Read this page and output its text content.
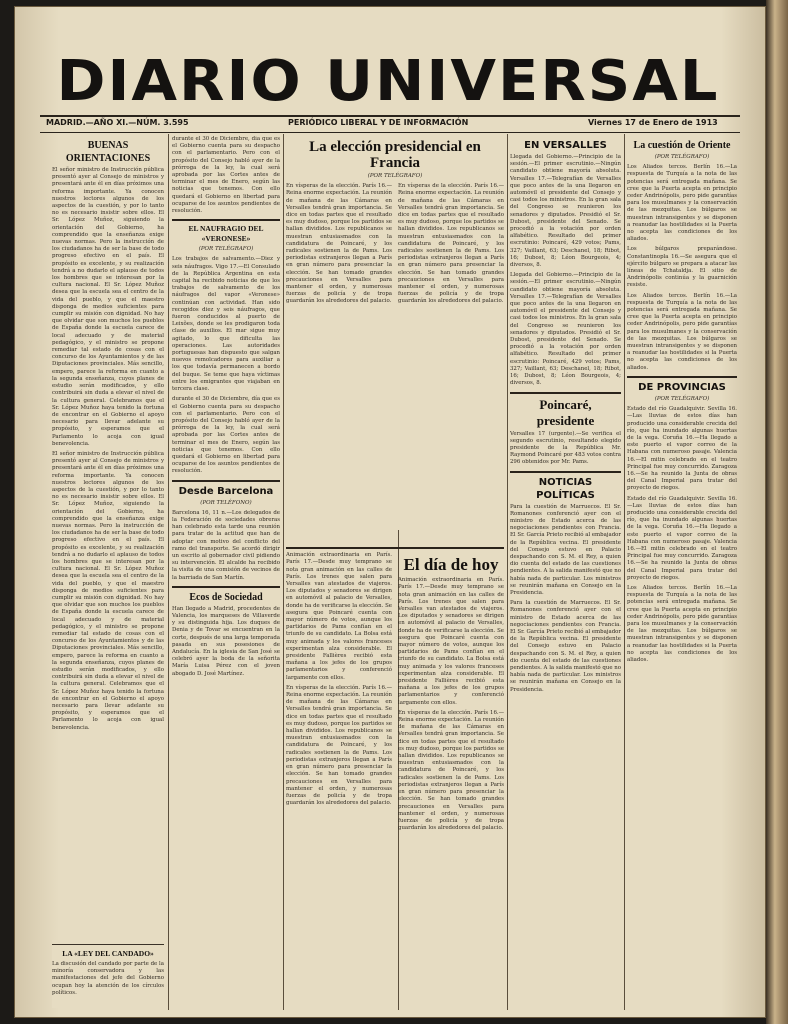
DIARIO UNIVERSAL
MADRID.—AÑO XI.—NÚM. 3.595	PERIÓDICO LIBERAL Y DE INFORMACIÓN	Viernes 17 de Enero de 1913
BUENAS ORIENTACIONES
El señor ministro de Instrucción pública presentó ayer al Consejo de ministros y presentará ante él en días próximos una reforma importante. Ya conocen nuestros lectores algunos de los aspectos de la cuestión, y por lo tanto no es necesario insistir sobre ellos. El Sr. López Muñoz, siguiendo la orientación del Gobierno, ha comprendido que la enseñanza exige nuevas normas. Pero la instrucción de los ciudadanos ha de ser la base de todo progreso efectivo en el país. El propósito es excelente, y su realización tendrá a no dudarlo el aplauso de todos los hombres que se interesan por la cultura nacional. El Sr. López Muñoz desea que la escuela sea el centro de la vida del pueblo, y que el maestro disponga de medios suficientes para cumplir su misión con dignidad. No hay que olvidar que son muchos los pueblos de España donde la escuela carece de local adecuado y de material pedagógico, y el ministro se propone remediar tal estado de cosas con el concurso de los Ayuntamientos y de las Diputaciones provinciales. Más sencillo, empero, parece la reforma en cuanto a la segunda enseñanza, cuyos planes de estudio serán modificados, y ello contribuirá sin duda a elevar el nivel de la cultura general. Celebramos que el Sr. López Muñoz haya tenido la fortuna de encontrar en el Gobierno el apoyo necesario para llevar adelante su propósito, y esperamos que el Parlamento lo acoja con igual benevolencia.
El señor ministro de Instrucción pública presentó ayer al Consejo de ministros y presentará ante él en días próximos una reforma importante. Ya conocen nuestros lectores algunos de los aspectos de la cuestión, y por lo tanto no es necesario insistir sobre ellos. El Sr. López Muñoz, siguiendo la orientación del Gobierno, ha comprendido que la enseñanza exige nuevas normas. Pero la instrucción de los ciudadanos ha de ser la base de todo progreso efectivo en el país. El propósito es excelente, y su realización tendrá a no dudarlo el aplauso de todos los hombres que se interesan por la cultura nacional. El Sr. López Muñoz desea que la escuela sea el centro de la vida del pueblo, y que el maestro disponga de medios suficientes para cumplir su misión con dignidad. No hay que olvidar que son muchos los pueblos de España donde la escuela carece de local adecuado y de material pedagógico, y el ministro se propone remediar tal estado de cosas con el concurso de los Ayuntamientos y de las Diputaciones provinciales. Más sencillo, empero, parece la reforma en cuanto a la segunda enseñanza, cuyos planes de estudio serán modificados, y ello contribuirá sin duda a elevar el nivel de la cultura general. Celebramos que el Sr. López Muñoz haya tenido la fortuna de encontrar en el Gobierno el apoyo necesario para llevar adelante su propósito, y esperamos que el Parlamento lo acoja con igual benevolencia.
LA «LEY DEL CANDADO»
La discusión del candado por parte de la minoría conservadora y las manifestaciones del jefe del Gobierno ocupan hoy la atención de los círculos políticos.
durante el 30 de Diciembre, día que es el Gobierno cuenta para su despacho con el parlamentario. Pero con el propósito del Consejo habló ayer de la prórroga de la ley, la cual será aprobada por las Cortes antes de terminar el mes de Enero, según las noticias que tenemos. Con ello quedará el Gobierno en libertad para ocuparse de los asuntos pendientes de resolución.
EL NAUFRAGIO DEL «VERONESE»
(POR TELÉGRAFO)
Los trabajos de salvamento.—Diez y seis náufragos. Vigo 17.—El Consulado de la República Argentina en esta capital ha recibido noticias de que los trabajos de salvamento de los náufragos del vapor «Veronese» continúan con actividad. Han sido recogidos diez y seis náufragos, que fueron conducidos al puerto de Leixões, donde se les prodigaron toda clase de auxilios. El mar sigue muy agitado, lo que dificulta las operaciones. Las autoridades portuguesas han dispuesto que salgan nuevos remolcadores para auxiliar a los que todavía permanecen a bordo del buque. Se teme que haya víctimas entre los emigrantes que viajaban en tercera clase.
durante el 30 de Diciembre, día que es el Gobierno cuenta para su despacho con el parlamentario. Pero con el propósito del Consejo habló ayer de la prórroga de la ley, la cual será aprobada por las Cortes antes de terminar el mes de Enero, según las noticias que tenemos. Con ello quedará el Gobierno en libertad para ocuparse de los asuntos pendientes de resolución.
Desde Barcelona
(POR TELÉFONO)
Barcelona 16, 11 n.—Los delegados de la Federación de sociedades obreras han celebrado esta tarde una reunión para tratar de la actitud que han de adoptar con motivo del conflicto del ramo del transporte. Se acordó dirigir un escrito al gobernador civil pidiendo su intervención. El alcalde ha recibido la visita de una comisión de vecinos de la barriada de San Martín.
Ecos de Sociedad
Han llegado a Madrid, procedentes de Valencia, los marqueses de Villaverde y su distinguida hija. Los duques de Denia y de Tovar se encuentran en la corte, después de una larga temporada pasada en sus posesiones de Andalucía. En la iglesia de San José se celebró ayer la boda de la señorita María Luisa Pérez con el joven abogado D. José Martínez.
La elección presidencial en Francia
(POR TELÉGRAFO)
En vísperas de la elección. París 16.—Reina enorme expectación. La reunión de mañana de las Cámaras en Versalles tendrá gran importancia. Se dice en todas partes que el resultado es muy dudoso, porque los partidos se hallan divididos. Los republicanos se muestran entusiasmados con la candidatura de Poincaré, y los radicales sostienen la de Pams. Los periodistas extranjeros llegan a París en gran número para presenciar la elección. Se han tomado grandes precauciones en Versalles para mantener el orden, y numerosas fuerzas de policía y de tropa guardarán los alrededores del palacio.
En vísperas de la elección. París 16.—Reina enorme expectación. La reunión de mañana de las Cámaras en Versalles tendrá gran importancia. Se dice en todas partes que el resultado es muy dudoso, porque los partidos se hallan divididos. Los republicanos se muestran entusiasmados con la candidatura de Poincaré, y los radicales sostienen la de Pams. Los periodistas extranjeros llegan a París en gran número para presenciar la elección. Se han tomado grandes precauciones en Versalles para mantener el orden, y numerosas fuerzas de policía y de tropa guardarán los alrededores del palacio.
Animación extraordinaria en París. París 17.—Desde muy temprano se nota gran animación en las calles de París. Los trenes que salen para Versalles van atestados de viajeros. Los diputados y senadores se dirigen en automóvil al palacio de Versalles, donde ha de verificarse la elección. Se asegura que Poincaré cuenta con mayor número de votos, aunque los partidarios de Pams confían en el triunfo de su candidato. La Bolsa está muy animada y los valores franceses experimentan alza considerable. El presidente Fallières recibió esta mañana a los jefes de los grupos parlamentarios y conferenció largamente con ellos.
En vísperas de la elección. París 16.—Reina enorme expectación. La reunión de mañana de las Cámaras en Versalles tendrá gran importancia. Se dice en todas partes que el resultado es muy dudoso, porque los partidos se hallan divididos. Los republicanos se muestran entusiasmados con la candidatura de Poincaré, y los radicales sostienen la de Pams. Los periodistas extranjeros llegan a París en gran número para presenciar la elección. Se han tomado grandes precauciones en Versalles para mantener el orden, y numerosas fuerzas de policía y de tropa guardarán los alrededores del palacio.
El día de hoy
Animación extraordinaria en París. París 17.—Desde muy temprano se nota gran animación en las calles de París. Los trenes que salen para Versalles van atestados de viajeros. Los diputados y senadores se dirigen en automóvil al palacio de Versalles, donde ha de verificarse la elección. Se asegura que Poincaré cuenta con mayor número de votos, aunque los partidarios de Pams confían en el triunfo de su candidato. La Bolsa está muy animada y los valores franceses experimentan alza considerable. El presidente Fallières recibió esta mañana a los jefes de los grupos parlamentarios y conferenció largamente con ellos.
En vísperas de la elección. París 16.—Reina enorme expectación. La reunión de mañana de las Cámaras en Versalles tendrá gran importancia. Se dice en todas partes que el resultado es muy dudoso, porque los partidos se hallan divididos. Los republicanos se muestran entusiasmados con la candidatura de Poincaré, y los radicales sostienen la de Pams. Los periodistas extranjeros llegan a París en gran número para presenciar la elección. Se han tomado grandes precauciones en Versalles para mantener el orden, y numerosas fuerzas de policía y de tropa guardarán los alrededores del palacio.
EN VERSALLES
Llegada del Gobierno.—Principio de la sesión.—El primer escrutinio.—Ningún candidato obtiene mayoría absoluta. Versalles 17.—Telegrafían de Versalles que poco antes de la una llegaron en automóvil el presidente del Consejo y casi todos los ministros. En la gran sala del Congreso se reunieron los senadores y diputados. Presidió el Sr. Dubost, presidente del Senado. Se procedió a la votación por orden alfabético. Resultado del primer escrutinio: Poincaré, 429 votos; Pams, 327; Vaillant, 63; Deschanel, 18; Ribot, 16; Dubost, 8; Léon Bourgeois, 4; diversos, 8.
Llegada del Gobierno.—Principio de la sesión.—El primer escrutinio.—Ningún candidato obtiene mayoría absoluta. Versalles 17.—Telegrafían de Versalles que poco antes de la una llegaron en automóvil el presidente del Consejo y casi todos los ministros. En la gran sala del Congreso se reunieron los senadores y diputados. Presidió el Sr. Dubost, presidente del Senado. Se procedió a la votación por orden alfabético. Resultado del primer escrutinio: Poincaré, 429 votos; Pams, 327; Vaillant, 63; Deschanel, 18; Ribot, 16; Dubost, 8; Léon Bourgeois, 4; diversos, 8.
Poincaré, presidente
Versalles 17 (urgente).—Se verifica el segundo escrutinio, resultando elegido presidente de la República Mr. Raymond Poincaré por 483 votos contra 296 obtenidos por Mr. Pams.
NOTICIAS POLÍTICAS
Para la cuestión de Marruecos. El Sr. Romanones conferenció ayer con el ministro de Estado acerca de las negociaciones pendientes con Francia. El Sr. García Prieto recibió al embajador de la República vecina. El presidente del Consejo estuvo en Palacio despachando con S. M. el Rey, a quien dio cuenta del estado de las cuestiones pendientes. A la salida manifestó que no había nada de particular. Los ministros se reunirán mañana en Consejo en la Presidencia.
Para la cuestión de Marruecos. El Sr. Romanones conferenció ayer con el ministro de Estado acerca de las negociaciones pendientes con Francia. El Sr. García Prieto recibió al embajador de la República vecina. El presidente del Consejo estuvo en Palacio despachando con S. M. el Rey, a quien dio cuenta del estado de las cuestiones pendientes. A la salida manifestó que no había nada de particular. Los ministros se reunirán mañana en Consejo en la Presidencia.
La cuestión de Oriente
(POR TELÉGRAFO)
Los Aliados tercos. Berlín 16.—La respuesta de Turquía a la nota de las potencias será entregada mañana. Se cree que la Puerta acepta en principio ceder Andrinópolis, pero pide garantías para los musulmanes y la conservación de las mezquitas. Los búlgaros se muestran intransigentes y se disponen a reanudar las hostilidades si la Puerta no acepta las condiciones de los aliados.
Los búlgaros preparándose. Constantinopla 16.—Se asegura que el ejército búlgaro se prepara a atacar las líneas de Tchataldja. El sitio de Andrinópolis continúa y la guarnición resiste.
Los Aliados tercos. Berlín 16.—La respuesta de Turquía a la nota de las potencias será entregada mañana. Se cree que la Puerta acepta en principio ceder Andrinópolis, pero pide garantías para los musulmanes y la conservación de las mezquitas. Los búlgaros se muestran intransigentes y se disponen a reanudar las hostilidades si la Puerta no acepta las condiciones de los aliados.
DE PROVINCIAS
(POR TELÉGRAFO)
Estado del río Guadalquivir. Sevilla 16.—Las lluvias de estos días han producido una considerable crecida del río, que ha inundado algunas huertas de la vega. Coruña 16.—Ha llegado a este puerto el vapor correo de la Habana con numeroso pasaje. Valencia 16.—El mitin celebrado en el teatro Principal fue muy concurrido. Zaragoza 16.—Se ha reunido la Junta de obras del Canal Imperial para tratar del proyecto de riegos.
Estado del río Guadalquivir. Sevilla 16.—Las lluvias de estos días han producido una considerable crecida del río, que ha inundado algunas huertas de la vega. Coruña 16.—Ha llegado a este puerto el vapor correo de la Habana con numeroso pasaje. Valencia 16.—El mitin celebrado en el teatro Principal fue muy concurrido. Zaragoza 16.—Se ha reunido la Junta de obras del Canal Imperial para tratar del proyecto de riegos.
Los Aliados tercos. Berlín 16.—La respuesta de Turquía a la nota de las potencias será entregada mañana. Se cree que la Puerta acepta en principio ceder Andrinópolis, pero pide garantías para los musulmanes y la conservación de las mezquitas. Los búlgaros se muestran intransigentes y se disponen a reanudar las hostilidades si la Puerta no acepta las condiciones de los aliados.
